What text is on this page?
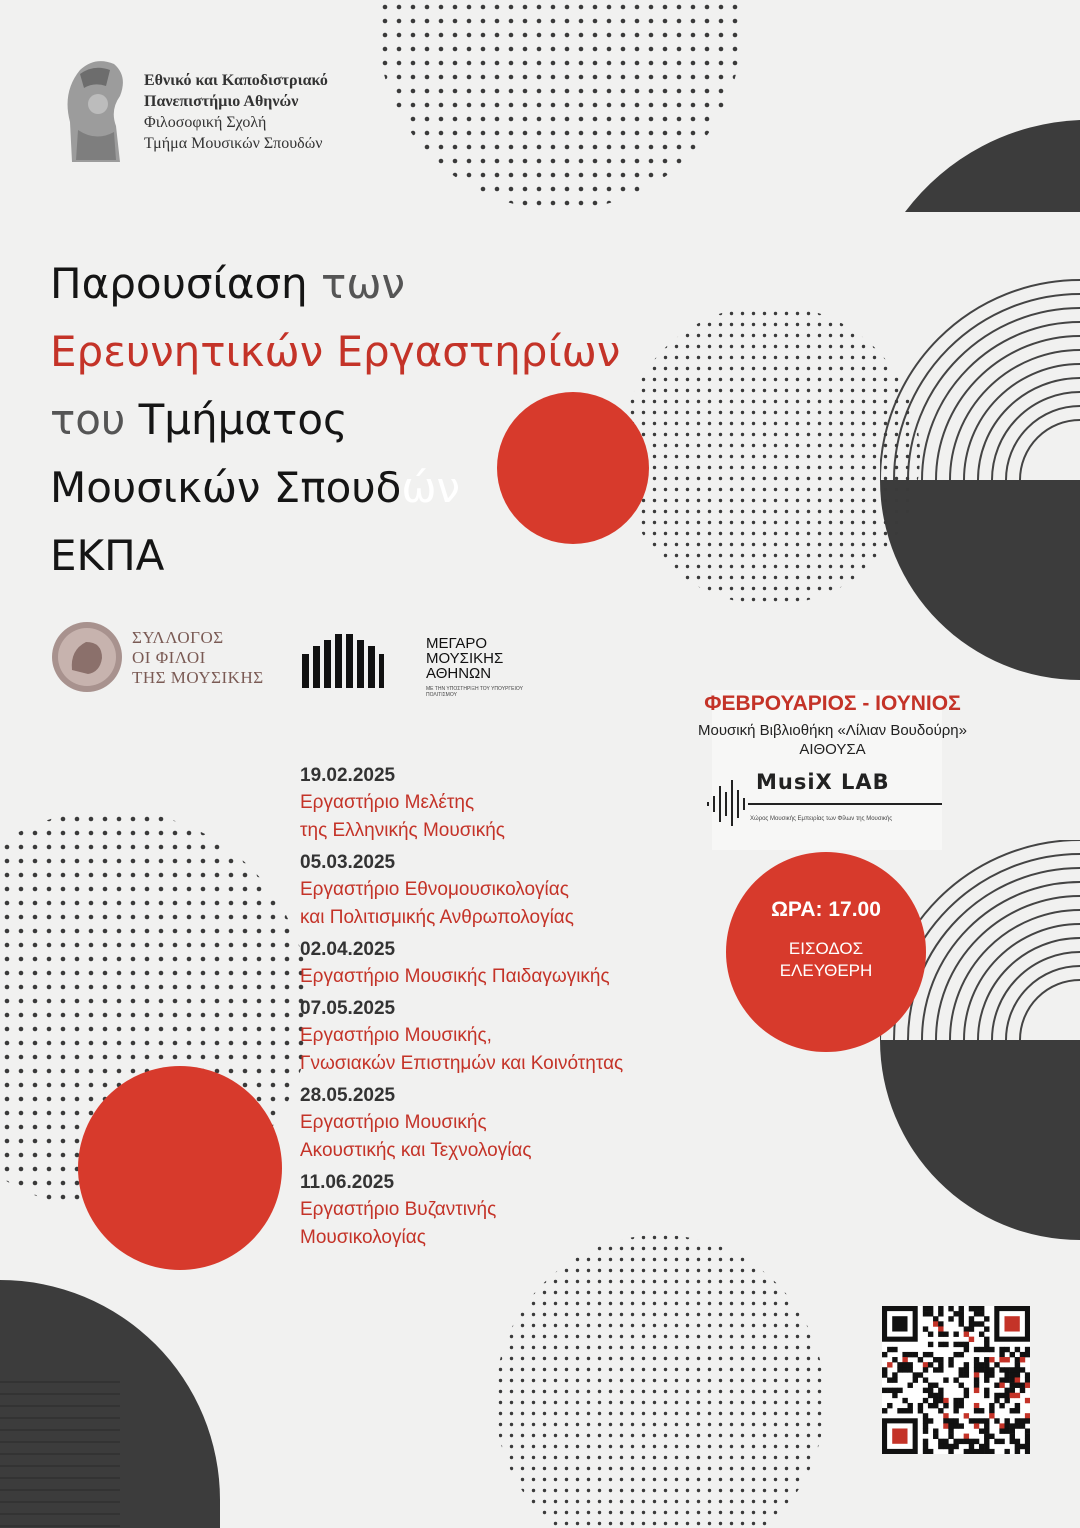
Εθνικό και Καποδιστριακό
Πανεπιστήμιο Αθηνών
Φιλοσοφική Σχολή
Τμήμα Μουσικών Σπουδών
Παρουσίαση των
Ερευνητικών Εργαστηρίων
του Τμήματος
Μουσικών Σπουδών
ΕΚΠΑ
ΣΥΛΛΟΓΟΣ
ΟΙ ΦΙΛΟΙ
ΤΗΣ ΜΟΥΣΙΚΗΣ
ΜΕΓΑΡΟ
ΜΟΥΣΙΚΗΣ
ΑΘΗΝΩΝ
ΜΕ ΤΗΝ ΥΠΟΣΤΗΡΙΞΗ ΤΟΥ ΥΠΟΥΡΓΕΙΟΥ ΠΟΛΙΤΙΣΜΟΥ	ΦΕΒΡΟΥΑΡΙΟΣ - ΙΟΥΝΙΟΣ
Μουσική Βιβλιοθήκη «Λίλιαν Βουδούρη»
ΑΙΘΟΥΣΑ
MusiX LAB
Χώρος Μουσικής Εμπειρίας των Φίλων της Μουσικής
ΩΡΑ: 17.00
ΕΙΣΟΔΟΣ
ΕΛΕΥΘΕΡΗ
19.02.2025
Εργαστήριο Μελέτης
της Ελληνικής Μουσικής
05.03.2025
Εργαστήριο Εθνομουσικολογίας
και Πολιτισμικής Ανθρωπολογίας
02.04.2025
Εργαστήριο Μουσικής Παιδαγωγικής
07.05.2025
Εργαστήριο Μουσικής,
Γνωσιακών Επιστημών και Κοινότητας
28.05.2025
Εργαστήριο Μουσικής
Ακουστικής και Τεχνολογίας
11.06.2025
Εργαστήριο Βυζαντινής
Μουσικολογίας
